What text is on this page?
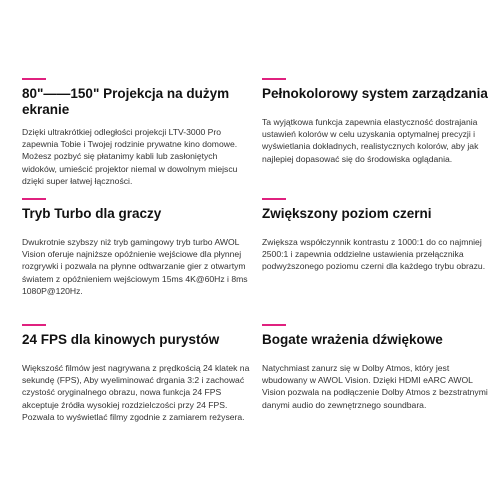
80"——150" Projekcja na dużym ekranie
Dzięki ultrakrótkiej odległości projekcji LTV-3000 Pro zapewnia Tobie i Twojej rodzinie prywatne kino domowe. Możesz pozbyć się płatanimy kabli lub zasłoniętych widoków, umieścić projektor niemal w dowolnym miejscu dzięki super łatwej łączności.
Pełnokolorowy system zarządzania
Ta wyjątkowa funkcja zapewnia elastyczność dostrajania ustawień kolorów w celu uzyskania optymalnej precyzji i wyświetlania dokładnych, realistycznych kolorów, aby jak najlepiej dopasować się do środowiska oglądania.
Tryb Turbo dla graczy
Dwukrotnie szybszy niż tryb gamingowy tryb turbo AWOL Vision oferuje najniższe opóźnienie wejściowe dla płynnej rozgrywki i pozwala na płynne odtwarzanie gier z otwartym światem z opóźnieniem wejściowym 15ms 4K@60Hz i 8ms 1080P@120Hz.
Zwiększony poziom czerni
Zwiększa współczynnik kontrastu z 1000:1 do co najmniej 2500:1 i zapewnia oddzielne ustawienia przełącznika podwyższonego poziomu czerni dla każdego trybu obrazu.
24 FPS dla kinowych purystów
Większość filmów jest nagrywana z prędkością 24 klatek na sekundę (FPS), Aby wyeliminować drgania 3:2 i zachować czystość oryginalnego obrazu, nowa funkcja 24 FPS akceptuje źródła wysokiej rozdzielczości przy 24 FPS. Pozwala to wyświetlać filmy zgodnie z zamiarem reżysera.
Bogate wrażenia dźwiękowe
Natychmiast zanurz się w Dolby Atmos, który jest wbudowany w AWOL Vision. Dzięki HDMI eARC AWOL Vision pozwala na podłączenie Dolby Atmos z bezstratnymi danymi audio do zewnętrznego soundbara.
